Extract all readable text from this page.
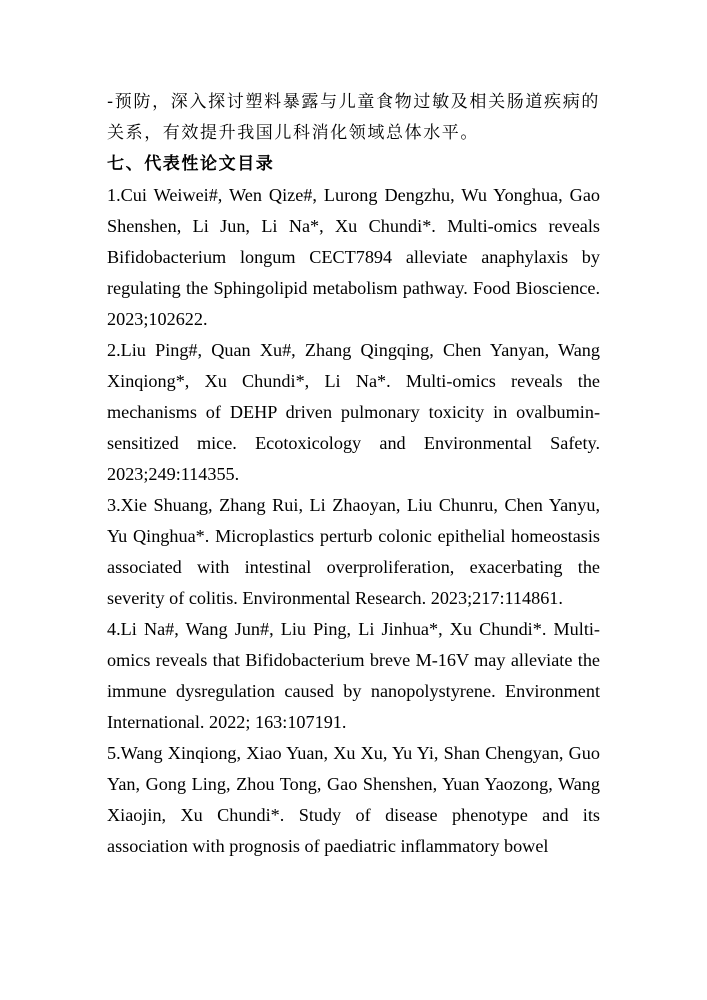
-预防，深入探讨塑料暴露与儿童食物过敏及相关肠道疾病的关系，有效提升我国儿科消化领域总体水平。

七、代表性论文目录

1.Cui Weiwei#, Wen Qize#, Lurong Dengzhu, Wu Yonghua, Gao Shenshen, Li Jun, Li Na*, Xu Chundi*. Multi-omics reveals Bifidobacterium longum CECT7894 alleviate anaphylaxis by regulating the Sphingolipid metabolism pathway. Food Bioscience. 2023;102622.

2.Liu Ping#, Quan Xu#, Zhang Qingqing, Chen Yanyan, Wang Xinqiong*, Xu Chundi*, Li Na*. Multi-omics reveals the mechanisms of DEHP driven pulmonary toxicity in ovalbumin-sensitized mice. Ecotoxicology and Environmental Safety. 2023;249:114355.

3.Xie Shuang, Zhang Rui, Li Zhaoyan, Liu Chunru, Chen Yanyu, Yu Qinghua*. Microplastics perturb colonic epithelial homeostasis associated with intestinal overproliferation, exacerbating the severity of colitis. Environmental Research. 2023;217:114861.

4.Li Na#, Wang Jun#, Liu Ping, Li Jinhua*, Xu Chundi*. Multi-omics reveals that Bifidobacterium breve M-16V may alleviate the immune dysregulation caused by nanopolystyrene. Environment International. 2022; 163:107191.

5.Wang Xinqiong, Xiao Yuan, Xu Xu, Yu Yi, Shan Chengyan, Guo Yan, Gong Ling, Zhou Tong, Gao Shenshen, Yuan Yaozong, Wang Xiaojin, Xu Chundi*. Study of disease phenotype and its association with prognosis of paediatric inflammatory bowel
